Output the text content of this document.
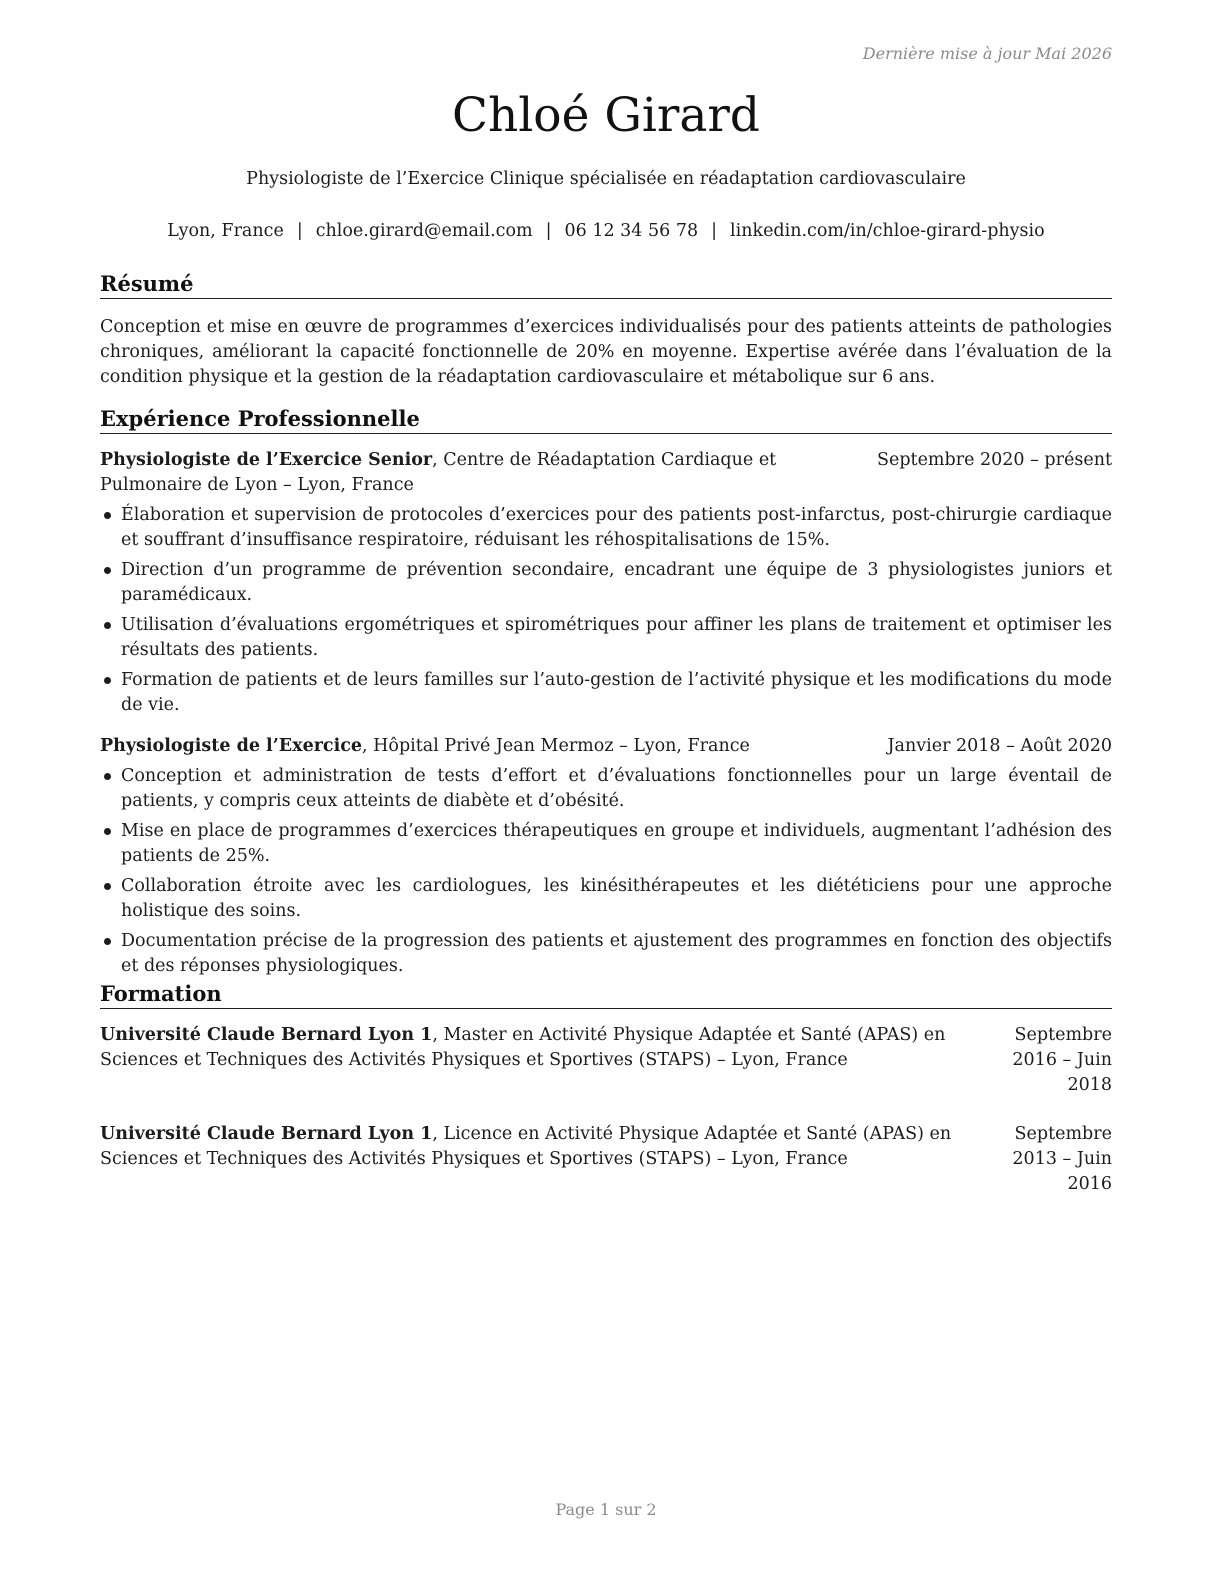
Dernière mise à jour Mai 2026
Chloé Girard
Physiologiste de l’Exercice Clinique spécialisée en réadaptation cardiovasculaire
Lyon, France | chloe.girard@email.com | 06 12 34 56 78 | linkedin.com/in/chloe-girard-physio
Résumé
Conception et mise en œuvre de programmes d’exercices individualisés pour des patients atteints de pathologies chroniques, améliorant la capacité fonctionnelle de 20% en moyenne. Expertise avérée dans l’évaluation de la condition physique et la gestion de la réadaptation cardiovasculaire et métabolique sur 6 ans.
Expérience Professionnelle
Physiologiste de l’Exercice Senior, Centre de Réadaptation Cardiaque et Pulmonaire de Lyon – Lyon, France
Septembre 2020 – présent
Élaboration et supervision de protocoles d’exercices pour des patients post-infarctus, post-chirurgie cardiaque et souffrant d’insuffisance respiratoire, réduisant les réhospitalisations de 15%.
Direction d’un programme de prévention secondaire, encadrant une équipe de 3 physiologistes juniors et paramédicaux.
Utilisation d’évaluations ergométriques et spirométriques pour affiner les plans de traitement et optimiser les résultats des patients.
Formation de patients et de leurs familles sur l’auto-gestion de l’activité physique et les modifications du mode de vie.
Physiologiste de l’Exercice, Hôpital Privé Jean Mermoz – Lyon, France	Janvier 2018 – Août 2020
Conception et administration de tests d’effort et d’évaluations fonctionnelles pour un large éventail de patients, y compris ceux atteints de diabète et d’obésité.
Mise en place de programmes d’exercices thérapeutiques en groupe et individuels, augmentant l’adhésion des patients de 25%.
Collaboration étroite avec les cardiologues, les kinésithérapeutes et les diététiciens pour une approche holistique des soins.
Documentation précise de la progression des patients et ajustement des programmes en fonction des objectifs et des réponses physiologiques.
Formation
Université Claude Bernard Lyon 1, Master en Activité Physique Adaptée et Santé (APAS) en Sciences et Techniques des Activités Physiques et Sportives (STAPS) – Lyon, France
Septembre 2016 – Juin 2018
Université Claude Bernard Lyon 1, Licence en Activité Physique Adaptée et Santé (APAS) en Sciences et Techniques des Activités Physiques et Sportives (STAPS) – Lyon, France
Septembre 2013 – Juin 2016
Page 1 sur 2
